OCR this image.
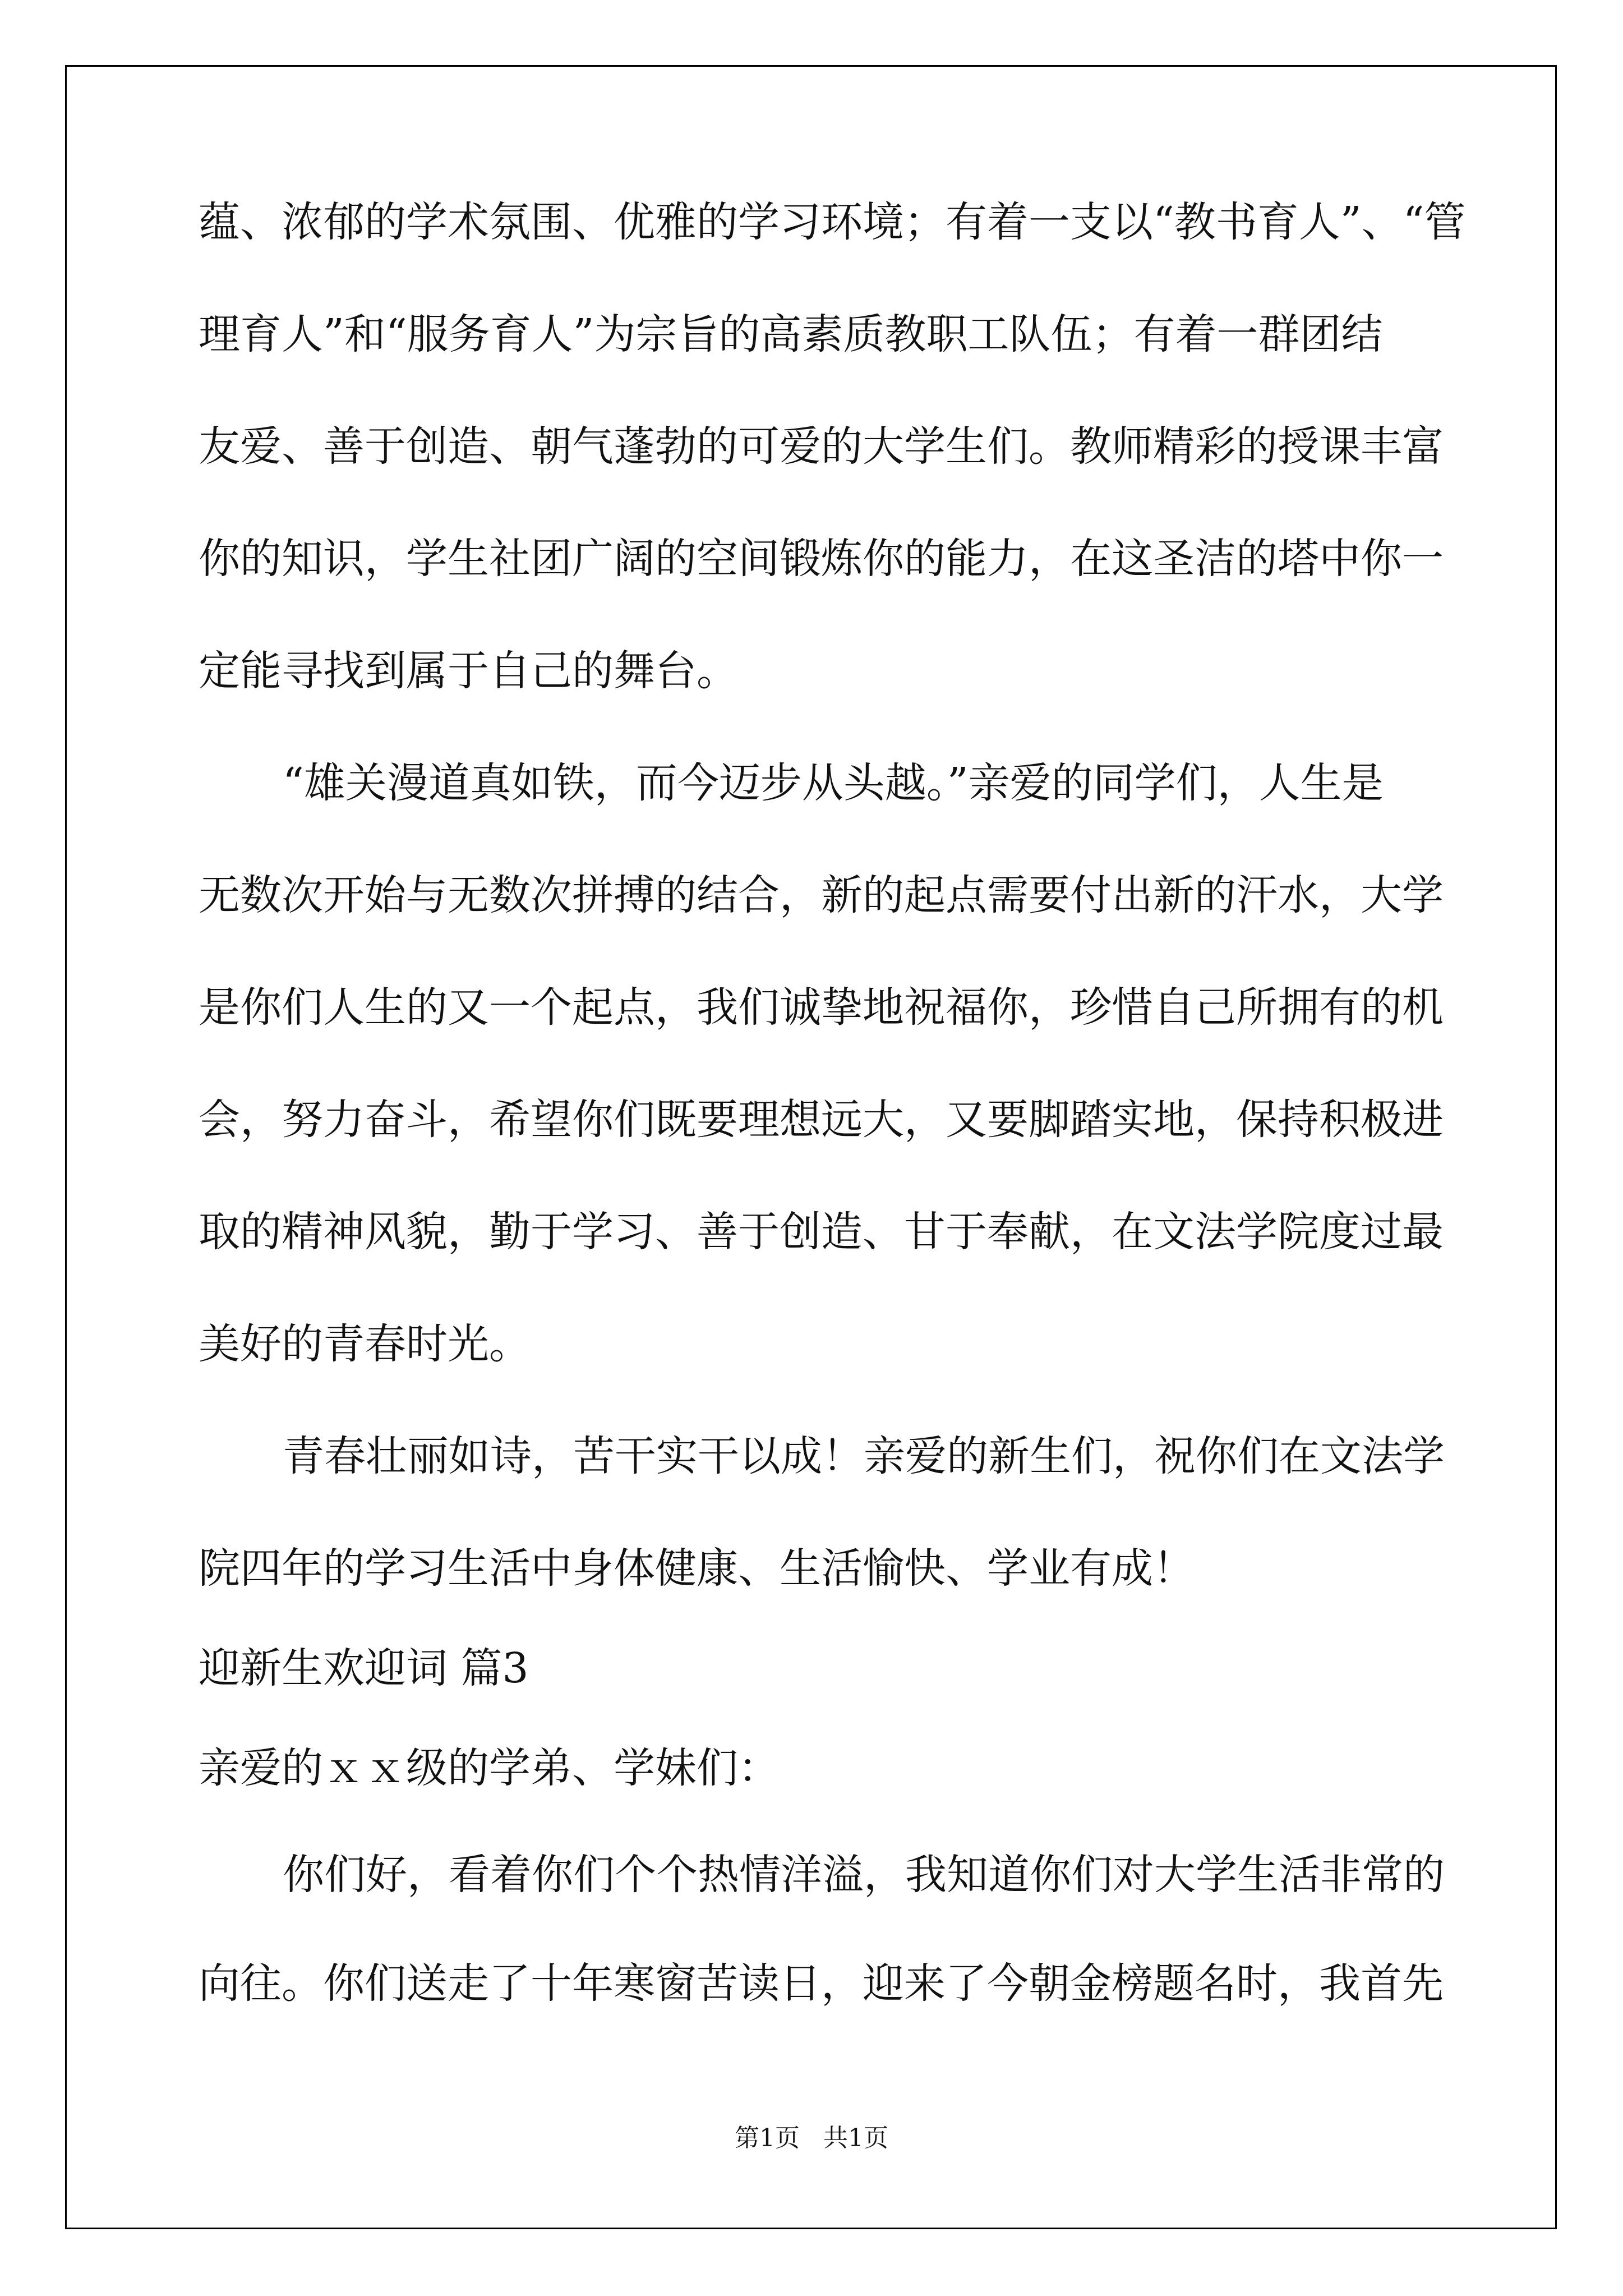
蕴、浓郁的学术氛围、优雅的学习环境；有着一支以“教书育人”、“管
理育人”和“服务育人”为宗旨的高素质教职工队伍；有着一群团结
友爱、善于创造、朝气蓬勃的可爱的大学生们。教师精彩的授课丰富
你的知识，学生社团广阔的空间锻炼你的能力，在这圣洁的塔中你一
定能寻找到属于自己的舞台。
“雄关漫道真如铁，而今迈步从头越。”亲爱的同学们，人生是
无数次开始与无数次拼搏的结合，新的起点需要付出新的汗水，大学
是你们人生的又一个起点，我们诚挚地祝福你，珍惜自己所拥有的机
会，努力奋斗，希望你们既要理想远大，又要脚踏实地，保持积极进
取的精神风貌，勤于学习、善于创造、甘于奉献，在文法学院度过最
美好的青春时光。
青春壮丽如诗，苦干实干以成！亲爱的新生们，祝你们在文法学
院四年的学习生活中身体健康、生活愉快、学业有成！
迎新生欢迎词 篇3
亲爱的ｘｘ级的学弟、学妹们：
你们好，看着你们个个热情洋溢，我知道你们对大学生活非常的
向往。你们送走了十年寒窗苦读日，迎来了今朝金榜题名时，我首先
第1页   共1页
